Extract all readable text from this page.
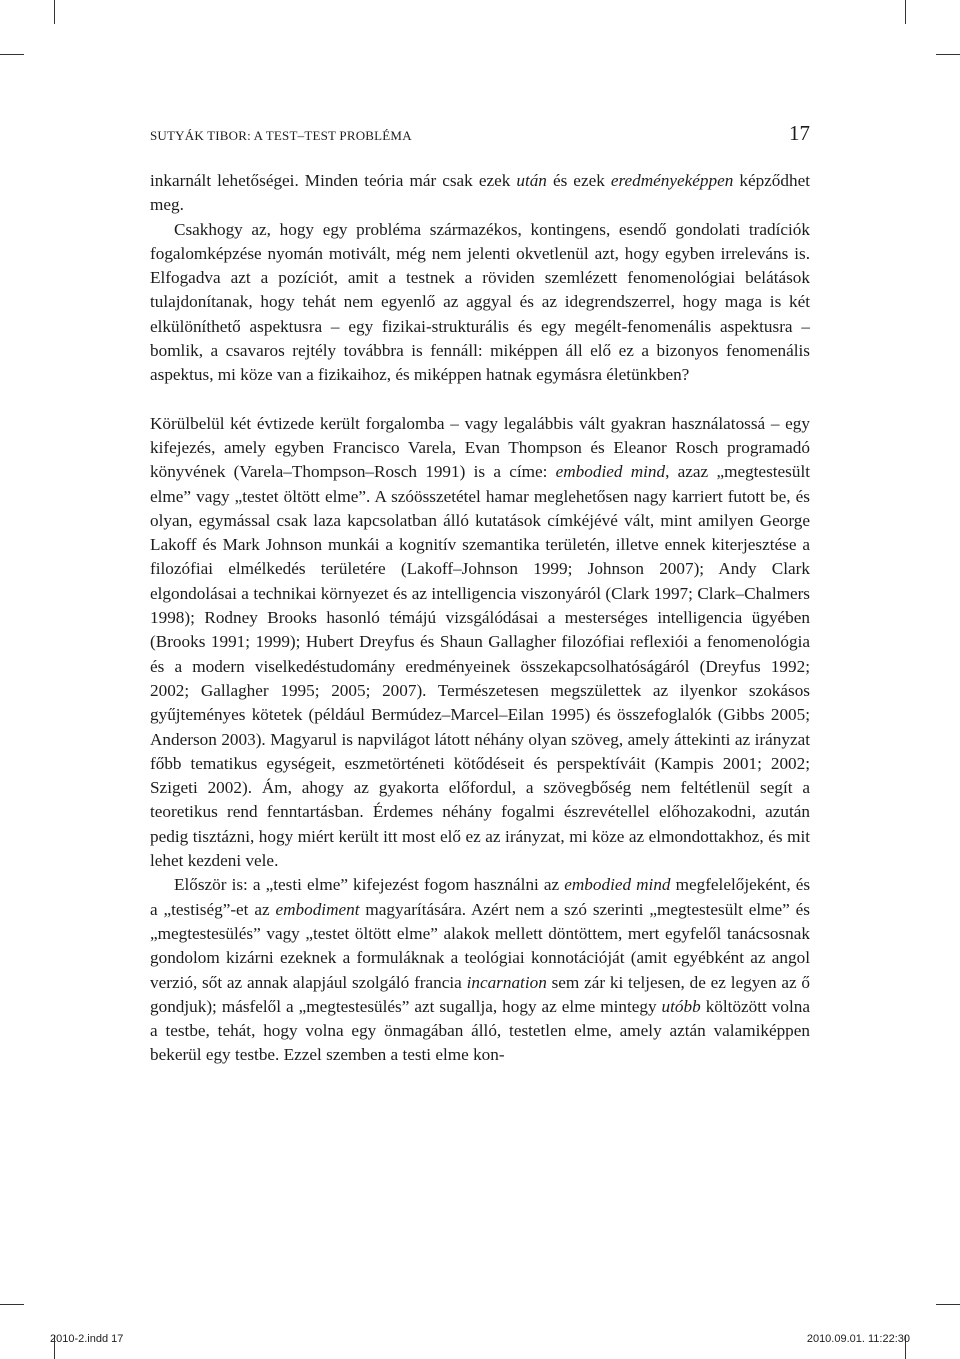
SUTYÁK TIBOR: A TEST–TEST PROBLÉMA	17

inkarnált lehetőségei. Minden teória már csak ezek után és ezek eredményeképpen képződhet meg.

Csakhogy az, hogy egy probléma származékos, kontingens, esendő gondolati tradíciók fogalomképzése nyomán motivált, még nem jelenti okvetlenül azt, hogy egyben irreleváns is. Elfogadva azt a pozíciót, amit a testnek a röviden szemlézett fenomenológiai belátások tulajdonítanak, hogy tehát nem egyenlő az aggyal és az idegrendszerrel, hogy maga is két elkülöníthető aspektusra – egy fizikai-strukturális és egy megélt-fenomenális aspektusra – bomlik, a csavaros rejtély továbbra is fennáll: miképpen áll elő ez a bizonyos fenomenális aspektus, mi köze van a fizikaihoz, és miképpen hatnak egymásra életünkben?

Körülbelül két évtizede került forgalomba – vagy legalábbis vált gyakran használatossá – egy kifejezés, amely egyben Francisco Varela, Evan Thompson és Eleanor Rosch programadó könyvének (Varela–Thompson–Rosch 1991) is a címe: embodied mind, azaz „megtestesült elme” vagy „testet öltött elme”. A szóösszetétel hamar meglehetősen nagy karriert futott be, és olyan, egymással csak laza kapcsolatban álló kutatások címkéjévé vált, mint amilyen George Lakoff és Mark Johnson munkái a kognitív szemantika területén, illetve ennek kiterjesztése a filozófiai elmélkedés területére (Lakoff–Johnson 1999; Johnson 2007); Andy Clark elgondolásai a technikai környezet és az intelligencia viszonyáról (Clark 1997; Clark–Chalmers 1998); Rodney Brooks hasonló témájú vizsgálódásai a mesterséges intelligencia ügyében (Brooks 1991; 1999); Hubert Dreyfus és Shaun Gallagher filozófiai reflexiói a fenomenológia és a modern viselkedéstudomány eredményeinek összekapcsolhatóságáról (Dreyfus 1992; 2002; Gallagher 1995; 2005; 2007). Természetesen megszülettek az ilyenkor szokásos gyűjteményes kötetek (például Bermúdez–Marcel–Eilan 1995) és összefoglalók (Gibbs 2005; Anderson 2003). Magyarul is napvilágot látott néhány olyan szöveg, amely áttekinti az irányzat főbb tematikus egységeit, eszmetörténeti kötődéseit és perspektíváit (Kampis 2001; 2002; Szigeti 2002). Ám, ahogy az gyakorta előfordul, a szövegbőség nem feltétlenül segít a teoretikus rend fenntartásban. Érdemes néhány fogalmi észrevétellel előhozakodni, azután pedig tisztázni, hogy miért került itt most elő ez az irányzat, mi köze az elmondottakhoz, és mit lehet kezdeni vele.

Először is: a „testi elme” kifejezést fogom használni az embodied mind megfelelőjeként, és a „testiség”-et az embodiment magyarítására. Azért nem a szó szerinti „megtestesült elme” és „megtestesülés” vagy „testet öltött elme” alakok mellett döntöttem, mert egyfelől tanácsosnak gondolom kizárni ezeknek a formuláknak a teológiai konnotációját (amit egyébként az angol verzió, sőt az annak alapjául szolgáló francia incarnation sem zár ki teljesen, de ez legyen az ő gondjuk); másfelől a „megtestesülés” azt sugallja, hogy az elme mintegy utóbb költözött volna a testbe, tehát, hogy volna egy önmagában álló, testetlen elme, amely aztán valamiképpen bekerül egy testbe. Ezzel szemben a testi elme kon-

2010-2.indd 17	2010.09.01. 11:22:30
